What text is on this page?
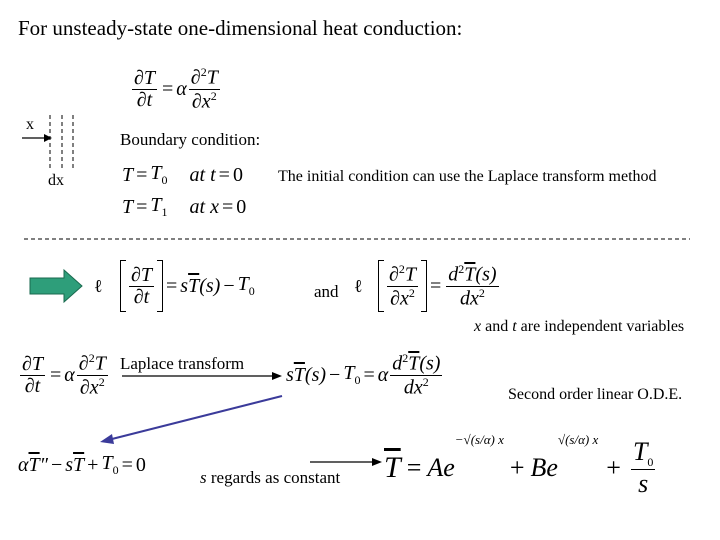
For unsteady-state one-dimensional heat conduction:
$\frac{\partial T}{\partial t} = \alpha \frac{\partial^2T}{\partial x^2}$
x
dx
Boundary condition:
$T = T_0$ at t = 0
$T = T_1$ at x = 0
The initial condition can use the Laplace transform method
ℓ $\frac{\partial T}{\partial t} = s\overline{T}(s) - T_0$	and ℓ $\frac{\partial^2T}{\partial x^2} = \frac{d^2\overline{T}(s)}{dx^2}$
x and t are independent variables
$\frac{\partial T}{\partial t} = \alpha \frac{\partial^2T}{\partial x^2}$ Laplace transform
$s\overline{T}(s) - T_0 = \alpha \frac{d^2\overline{T}(s)}{dx^2}$	Second order linear O.D.E.
$\alpha\overline{T}'' - s\overline{T} + T_0 = 0$
s regards as constant $\overline{T} = Ae$
−√(s/α) x
+ Be
√(s/α) x
+ $\frac{T_0}{s}$
